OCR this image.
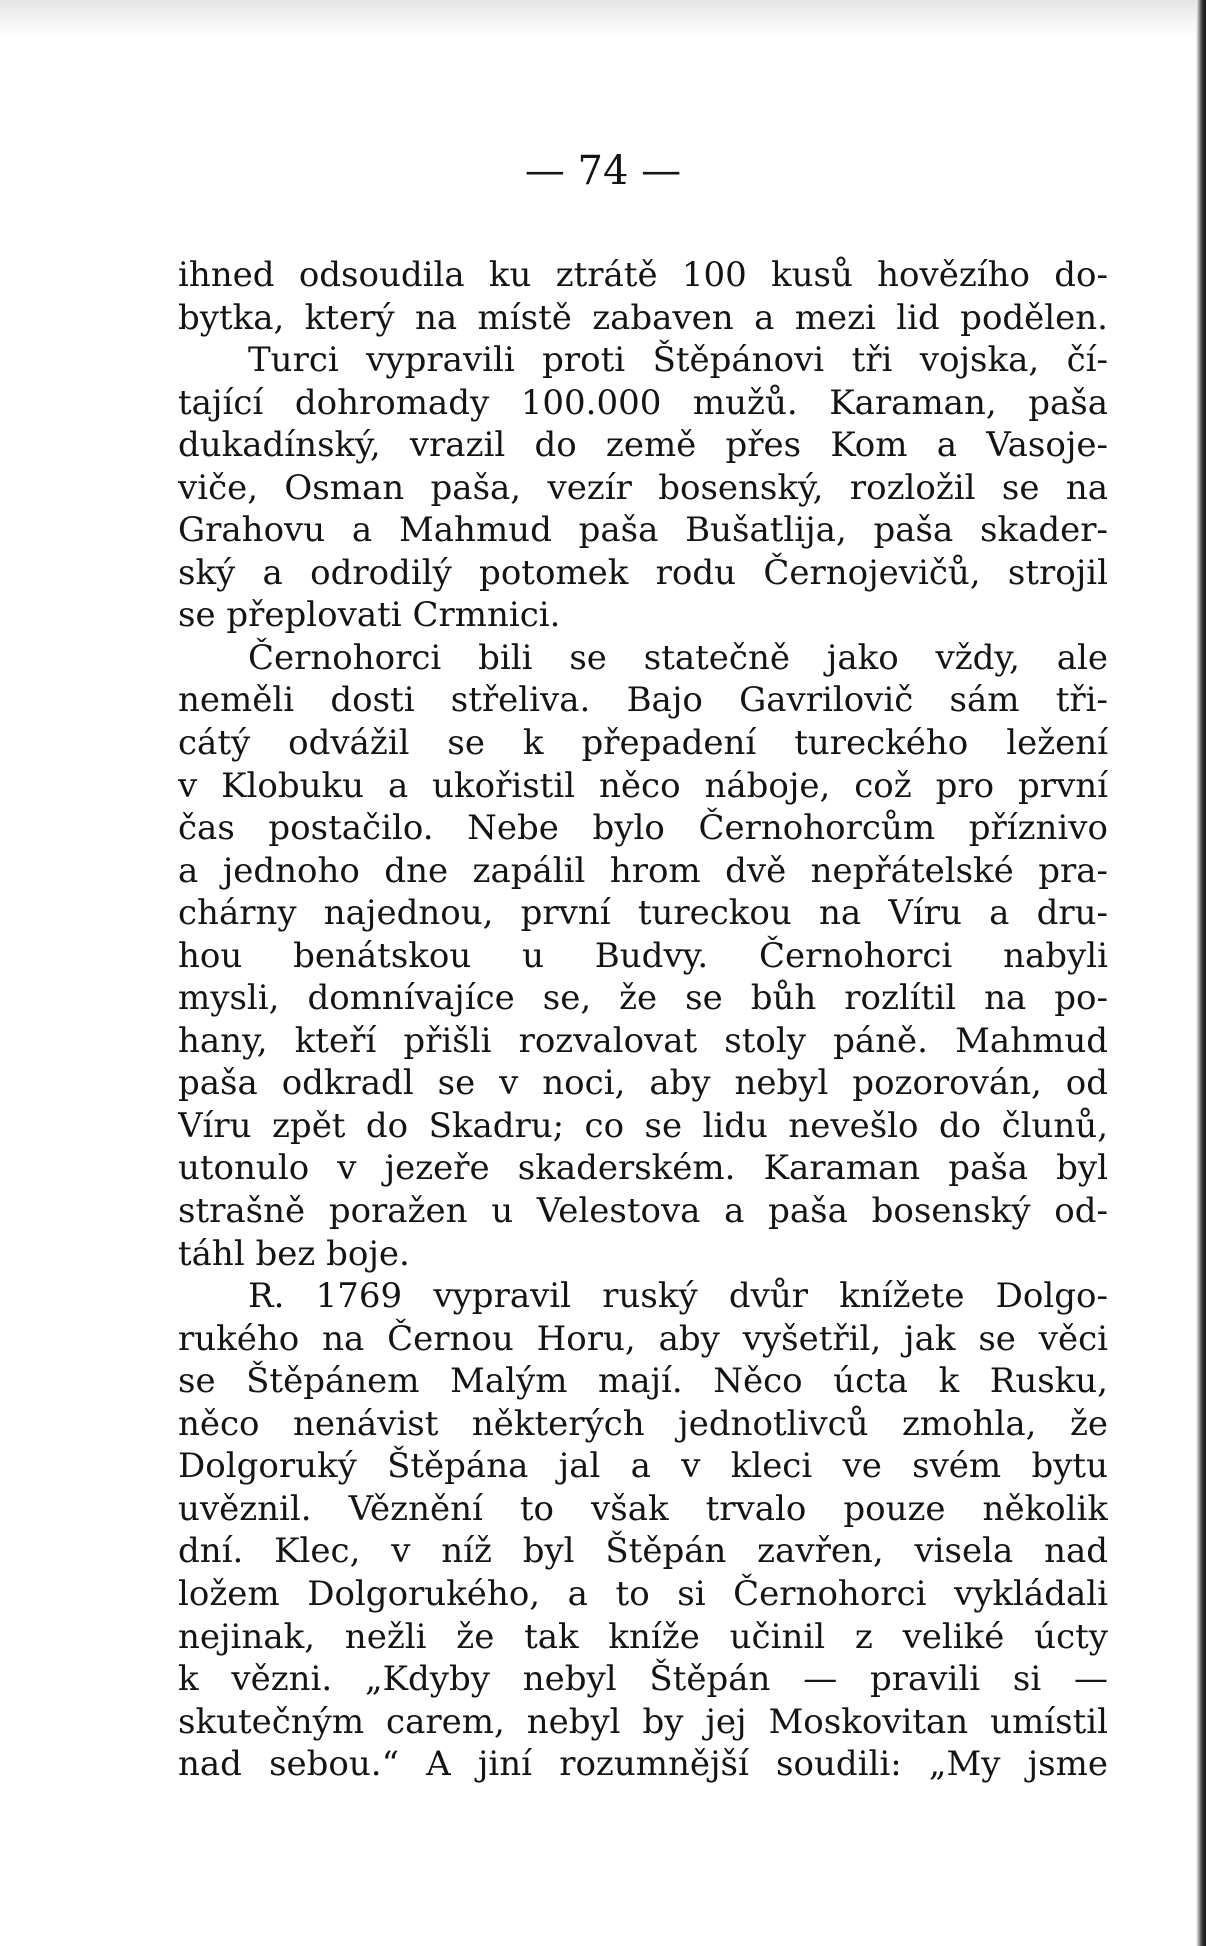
— 74 —
ihned odsoudila ku ztrátě 100 kusů hovězího do-
bytka, který na místě zabaven a mezi lid podělen.
Turci vypravili proti Štěpánovi tři vojska, čí-
tající dohromady 100.000 mužů. Karaman, paša
dukadínský, vrazil do země přes Kom a Vasoje-
viče, Osman paša, vezír bosenský, rozložil se na
Grahovu a Mahmud paša Bušatlija, paša skader-
ský a odrodilý potomek rodu Černojevičů, strojil
se přeplovati Crmnici.
Černohorci bili se statečně jako vždy, ale
neměli dosti střeliva. Bajo Gavrilovič sám tři-
cátý odvážil se k přepadení tureckého ležení
v Klobuku a ukořistil něco náboje, což pro první
čas postačilo. Nebe bylo Černohorcům příznivo
a jednoho dne zapálil hrom dvě nepřátelské pra-
chárny najednou, první tureckou na Víru a dru-
hou benátskou u Budvy. Černohorci nabyli
mysli, domnívajíce se, že se bůh rozlítil na po-
hany, kteří přišli rozvalovat stoly páně. Mahmud
paša odkradl se v noci, aby nebyl pozorován, od
Víru zpět do Skadru; co se lidu nevešlo do člunů,
utonulo v jezeře skaderském. Karaman paša byl
strašně poražen u Velestova a paša bosenský od-
táhl bez boje.
R. 1769 vypravil ruský dvůr knížete Dolgo-
rukého na Černou Horu, aby vyšetřil, jak se věci
se Štěpánem Malým mají. Něco úcta k Rusku,
něco nenávist některých jednotlivců zmohla, že
Dolgoruký Štěpána jal a v kleci ve svém bytu
uvěznil. Věznění to však trvalo pouze několik
dní. Klec, v níž byl Štěpán zavřen, visela nad
ložem Dolgorukého, a to si Černohorci vykládali
nejinak, nežli že tak kníže učinil z veliké úcty
k vězni. „Kdyby nebyl Štěpán — pravili si —
skutečným carem, nebyl by jej Moskovitan umístil
nad sebou.“ A jiní rozumnější soudili: „My jsme
